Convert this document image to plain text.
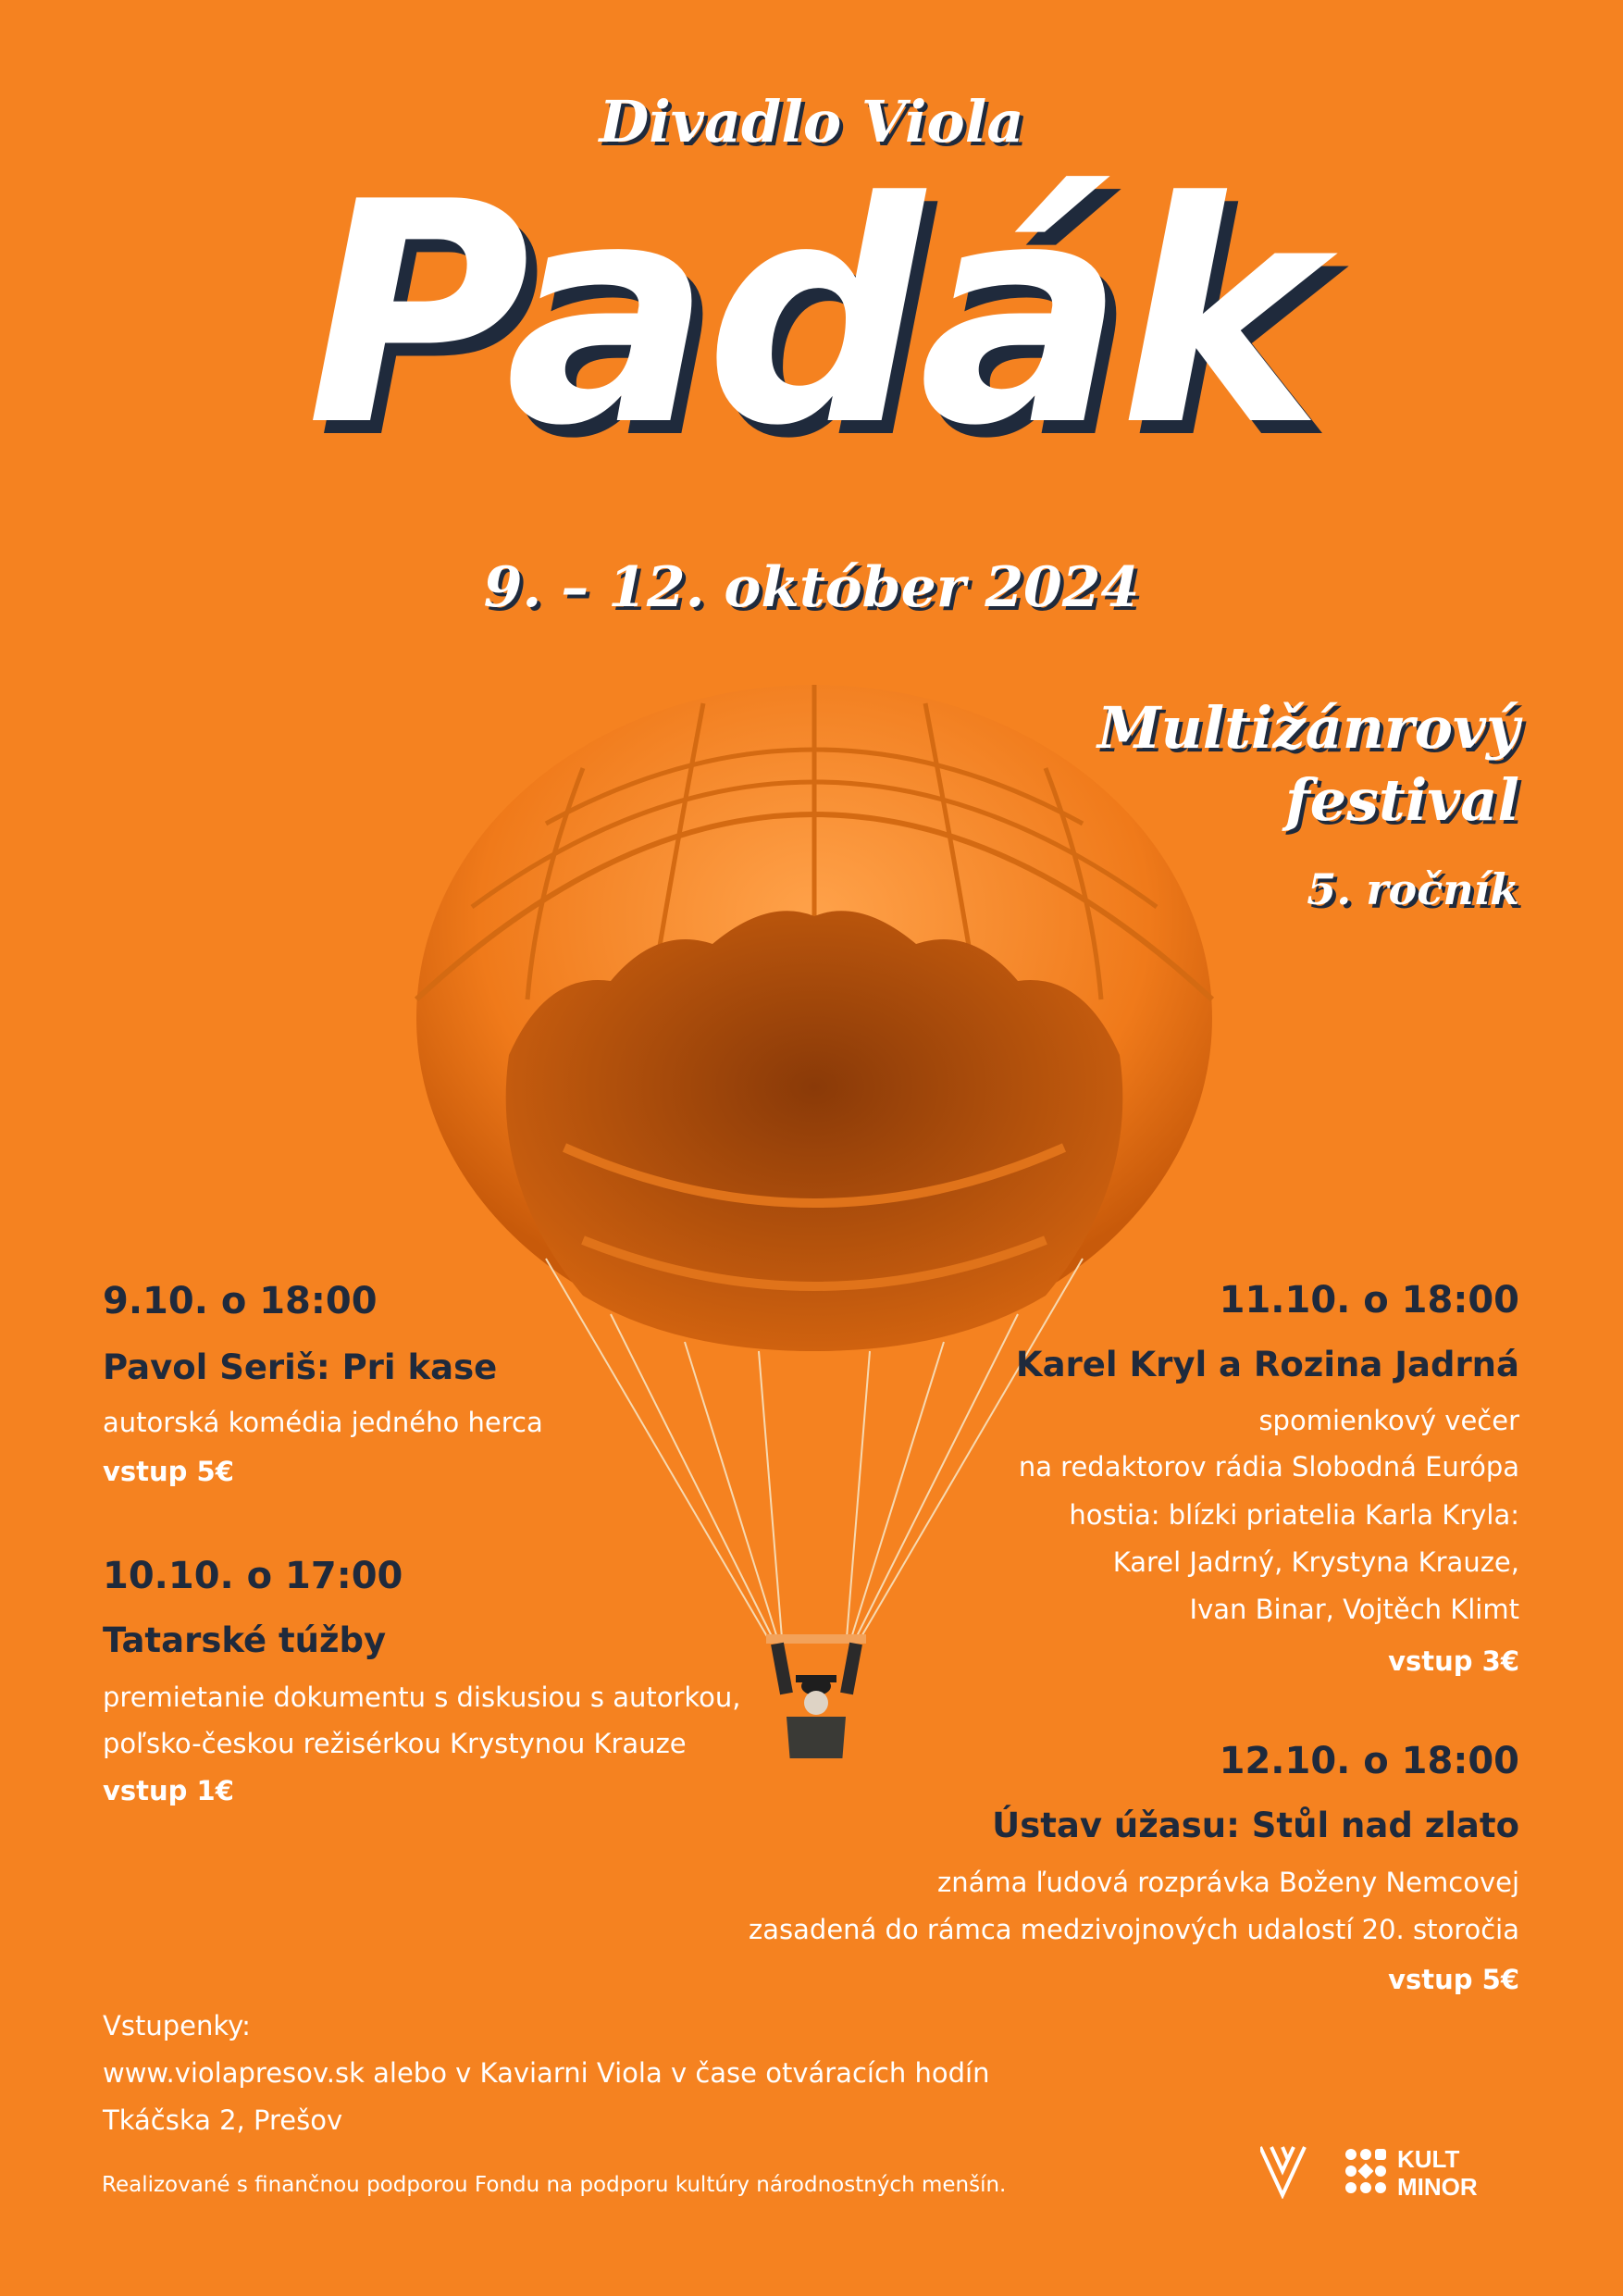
Divadlo Viola
Padák
9. – 12. október 2024
Multižánrový
festival
5. ročník
9.10. o 18:00
Pavol Seriš: Pri kase
autorská komédia jedného herca
vstup 5€
10.10. o 17:00
Tatarské túžby
premietanie dokumentu s diskusiou s autorkou,
poľsko-českou režisérkou Krystynou Krauze
vstup 1€
11.10. o 18:00
Karel Kryl a Rozina Jadrná
spomienkový večer
na redaktorov rádia Slobodná Európa
hostia: blízki priatelia Karla Kryla:
Karel Jadrný, Krystyna Krauze,
Ivan Binar, Vojtěch Klimt
vstup 3€
12.10. o 18:00
Ústav úžasu: Stůl nad zlato
známa ľudová rozprávka Boženy Nemcovej
zasadená do rámca medzivojnových udalostí 20. storočia
vstup 5€
Vstupenky:
www.violapresov.sk alebo v Kaviarni Viola v čase otváracích hodín
Tkáčska 2, Prešov
Realizované s finančnou podporou Fondu na podporu kultúry národnostných menšín.
KULT
MINOR
